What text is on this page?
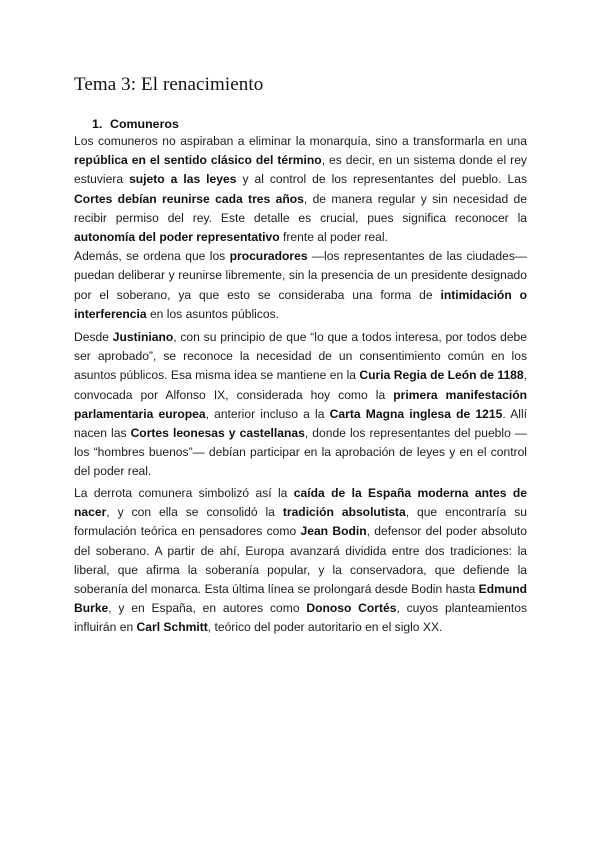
Tema 3: El renacimiento
1. Comuneros

Los comuneros no aspiraban a eliminar la monarquía, sino a transformarla en una república en el sentido clásico del término, es decir, en un sistema donde el rey estuviera sujeto a las leyes y al control de los representantes del pueblo. Las Cortes debían reunirse cada tres años, de manera regular y sin necesidad de recibir permiso del rey. Este detalle es crucial, pues significa reconocer la autonomía del poder representativo frente al poder real.

Además, se ordena que los procuradores —los representantes de las ciudades— puedan deliberar y reunirse libremente, sin la presencia de un presidente designado por el soberano, ya que esto se consideraba una forma de intimidación o interferencia en los asuntos públicos.

Desde Justiniano, con su principio de que “lo que a todos interesa, por todos debe ser aprobado”, se reconoce la necesidad de un consentimiento común en los asuntos públicos. Esa misma idea se mantiene en la Curia Regia de León de 1188, convocada por Alfonso IX, considerada hoy como la primera manifestación parlamentaria europea, anterior incluso a la Carta Magna inglesa de 1215. Allí nacen las Cortes leonesas y castellanas, donde los representantes del pueblo —los “hombres buenos”— debían participar en la aprobación de leyes y en el control del poder real.

La derrota comunera simbolizó así la caída de la España moderna antes de nacer, y con ella se consolidó la tradición absolutista, que encontraría su formulación teórica en pensadores como Jean Bodin, defensor del poder absoluto del soberano. A partir de ahí, Europa avanzará dividida entre dos tradiciones: la liberal, que afirma la soberanía popular, y la conservadora, que defiende la soberanía del monarca. Esta última línea se prolongará desde Bodin hasta Edmund Burke, y en España, en autores como Donoso Cortés, cuyos planteamientos influirán en Carl Schmitt, teórico del poder autoritario en el siglo XX.
